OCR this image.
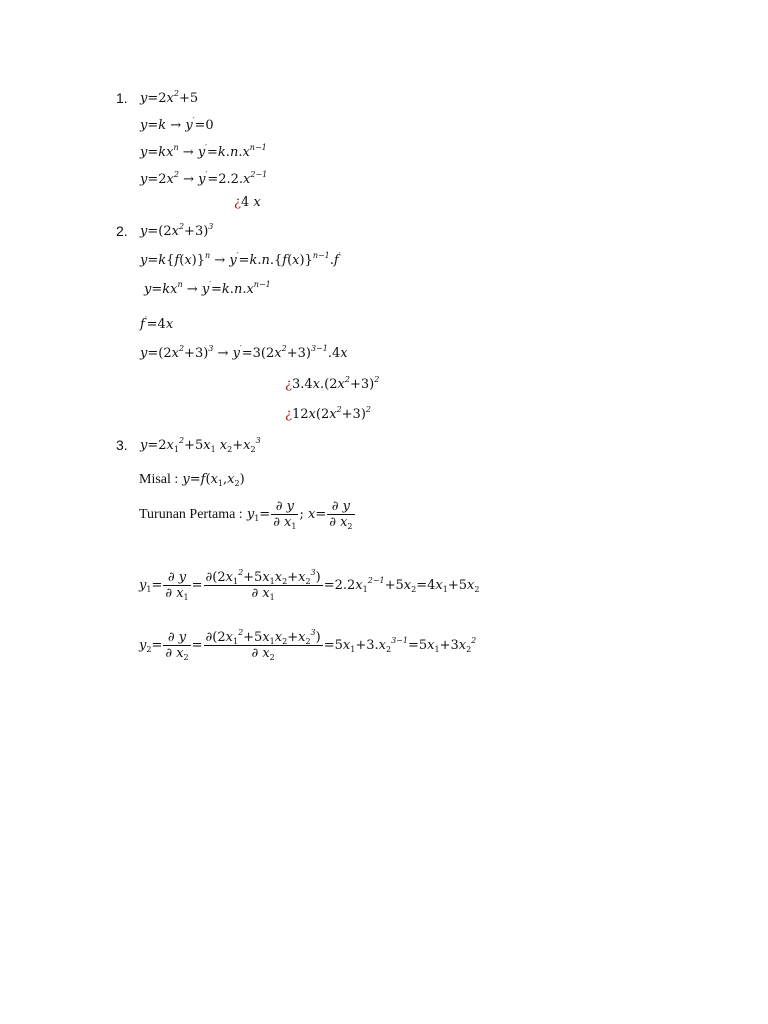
1. $y=2x^2+5$
y=k → y′=0
$y=kx^n \to y'=k.n.x^{n-1}$
$y=2x^2 \to y'=2.2.x^{2-1}$
¿4 x
2. $y=(2x^2+3)^3$
$y=k\{f(x)\}^n \to y'=k.n.\{f(x)\}^{n-1}.f'$
$y=kx^n \to y'=k.n.x^{n-1}$
f′=4x
$y=(2x^2+3)^3 \to y'=3(2x^2+3)^{3-1}.4x$
¿$3.4x.(2x^2+3)^2$
¿$12x(2x^2+3)^2$
3. $y=2x_1^2+5x_1$ $x_2+x_2^3$
Misal : $y=f(x_1,x_2)$
Turunan Pertama : $y_1= \frac{\partial y}{\partial x_1}$ ; $x= \frac{\partial y}{\partial x_2}$
$y_1= \frac{\partial y}{\partial x_1} = \frac{\partial(2x_1^2+5x_1x_2+x_2^3)}{\partial x_1} =2.2x_1^{2-1}+5x_2=4x_1+5x_2$
$y_2= \frac{\partial y}{\partial x_2} = \frac{\partial(2x_1^2+5x_1x_2+x_2^3)}{\partial x_2} =5x_1+3.x_2^{3-1}=5x_1+3x_2^2$
